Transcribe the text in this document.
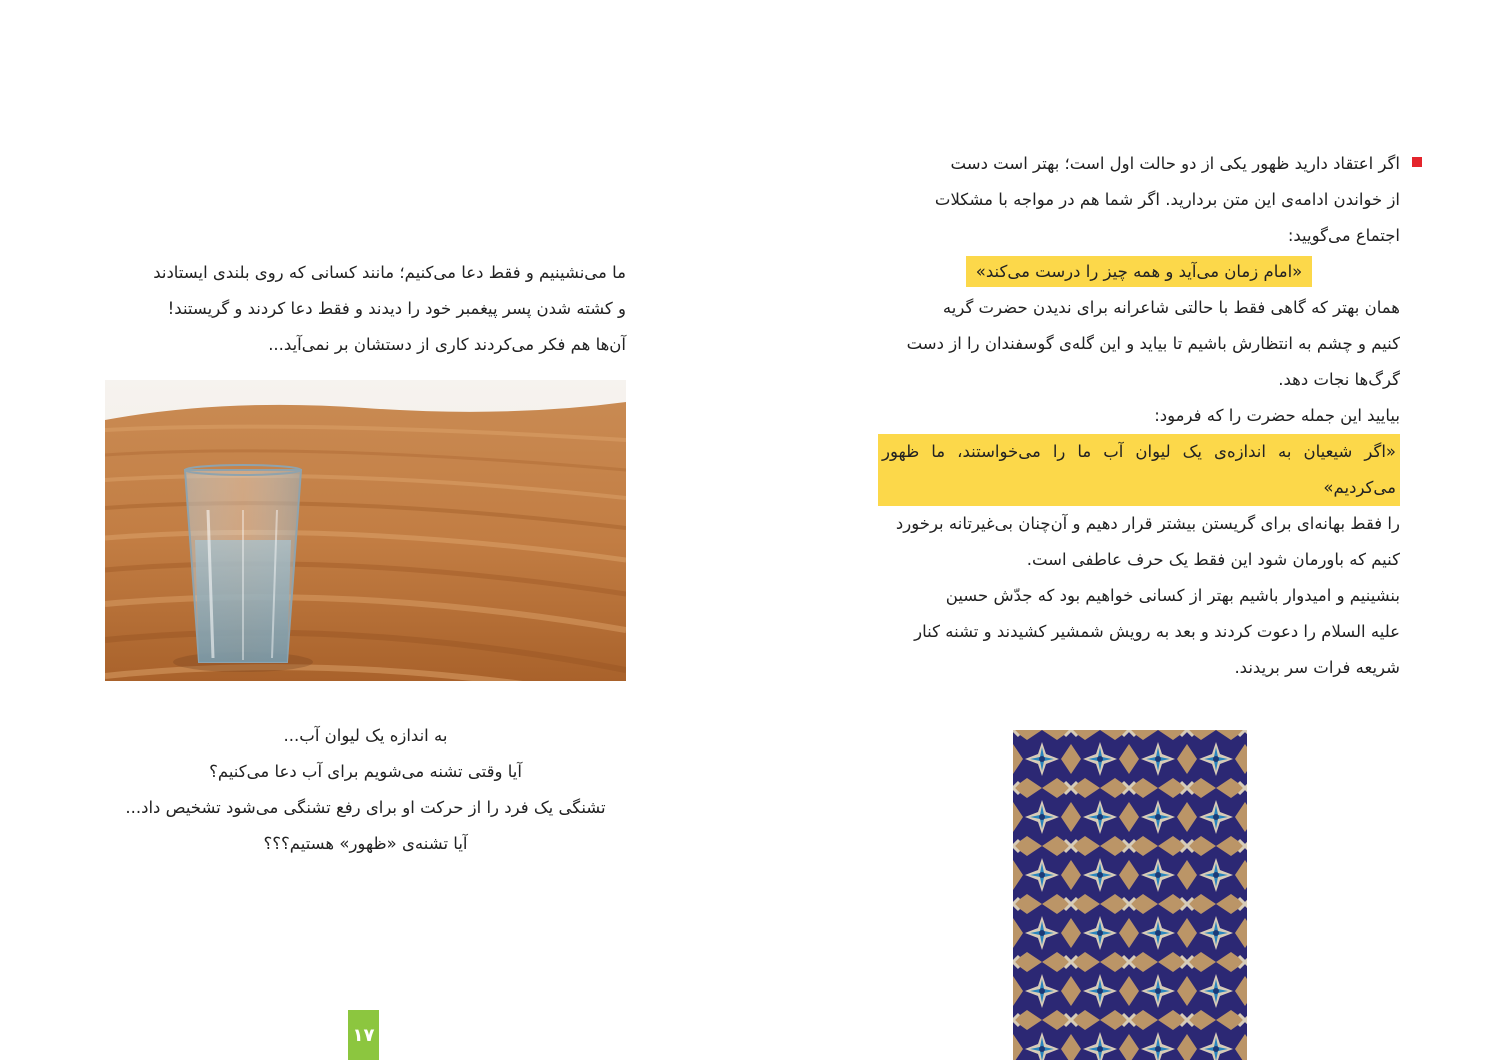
ما می‌نشینیم و فقط دعا می‌کنیم؛ مانند کسانی که روی بلندی ایستادند

و کشته شدن پسر پیغمبر خود را دیدند و فقط دعا کردند و گریستند!

آن‌ها هم فکر می‌کردند کاری از دستشان بر نمی‌آید...

به اندازه یک لیوان آب...
آیا وقتی تشنه می‌شویم برای آب دعا می‌کنیم؟
تشنگی یک فرد را از حرکت او برای رفع تشنگی می‌شود تشخیص داد...
آیا تشنه‌ی «ظهور» هستیم؟؟؟
۱۷

اگر اعتقاد دارید ظهور یکی از دو حالت اول است؛ بهتر است دست

از خواندن ادامه‌ی این متن بردارید. اگر شما هم در مواجه با مشکلات

اجتماع می‌گویید:

«امام زمان می‌آید و همه چیز را درست می‌کند»

همان بهتر که گاهی فقط با حالتی شاعرانه برای ندیدن حضرت گریه

کنیم و چشم به انتظارش باشیم تا بیاید و این گله‌ی گوسفندان را از دست

گرگ‌ها نجات دهد.

بیایید این جمله حضرت را که فرمود:

«اگر شیعیان به اندازه‌ی یک لیوان آب ما را می‌خواستند، ما ظهور می‌کردیم»

را فقط بهانه‌ای برای گریستن بیشتر قرار دهیم و آن‌چنان بی‌غیرتانه برخورد

کنیم که باورمان شود این فقط یک حرف عاطفی است.

بنشینیم و امیدوار باشیم بهتر از کسانی خواهیم بود که جدّش حسین

علیه السلام را دعوت کردند و بعد به رویش شمشیر کشیدند و تشنه کنار

شریعه فرات سر بریدند.
